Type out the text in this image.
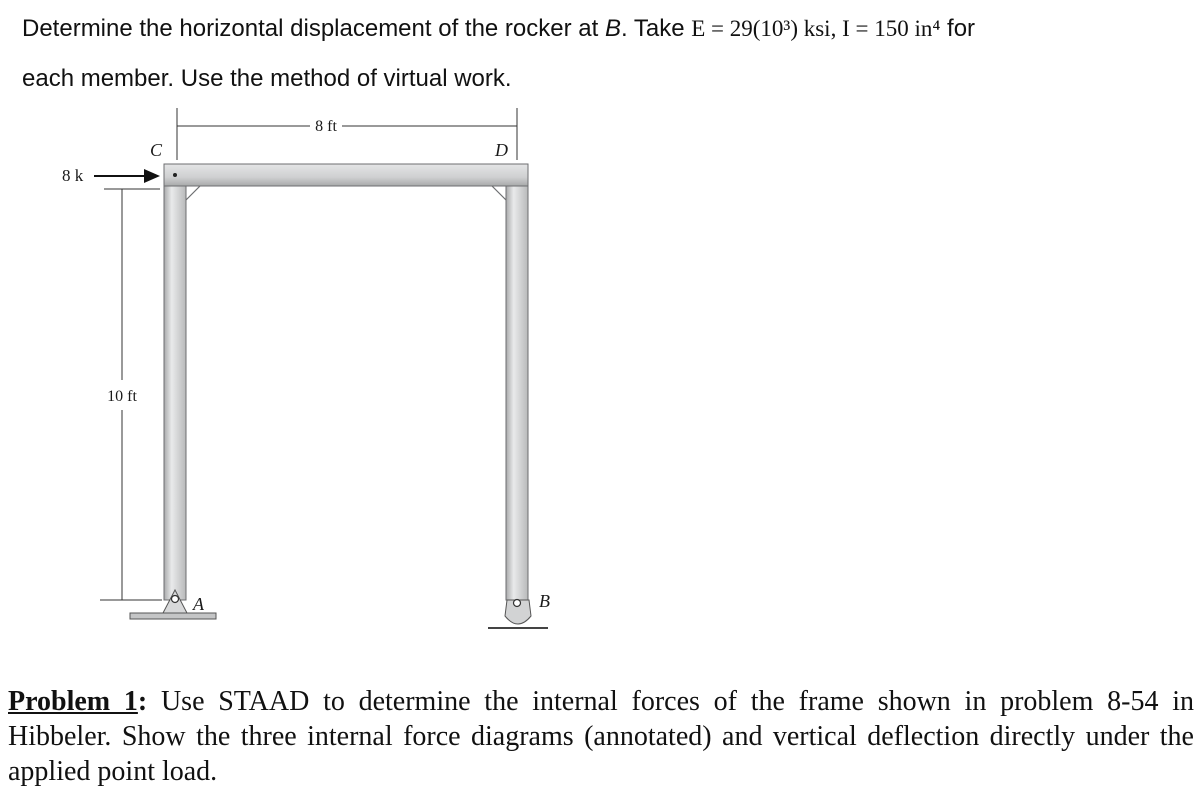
Determine the horizontal displacement of the rocker at B. Take E = 29(10³) ksi, I = 150 in⁴ for
each member. Use the method of virtual work.
8 ft
C	D
8 k
10 ft
A	B
Problem 1: Use STAAD to determine the internal forces of the frame shown in problem 8-54 in Hibbeler. Show the three internal force diagrams (annotated) and vertical deflection directly under the applied point load.
